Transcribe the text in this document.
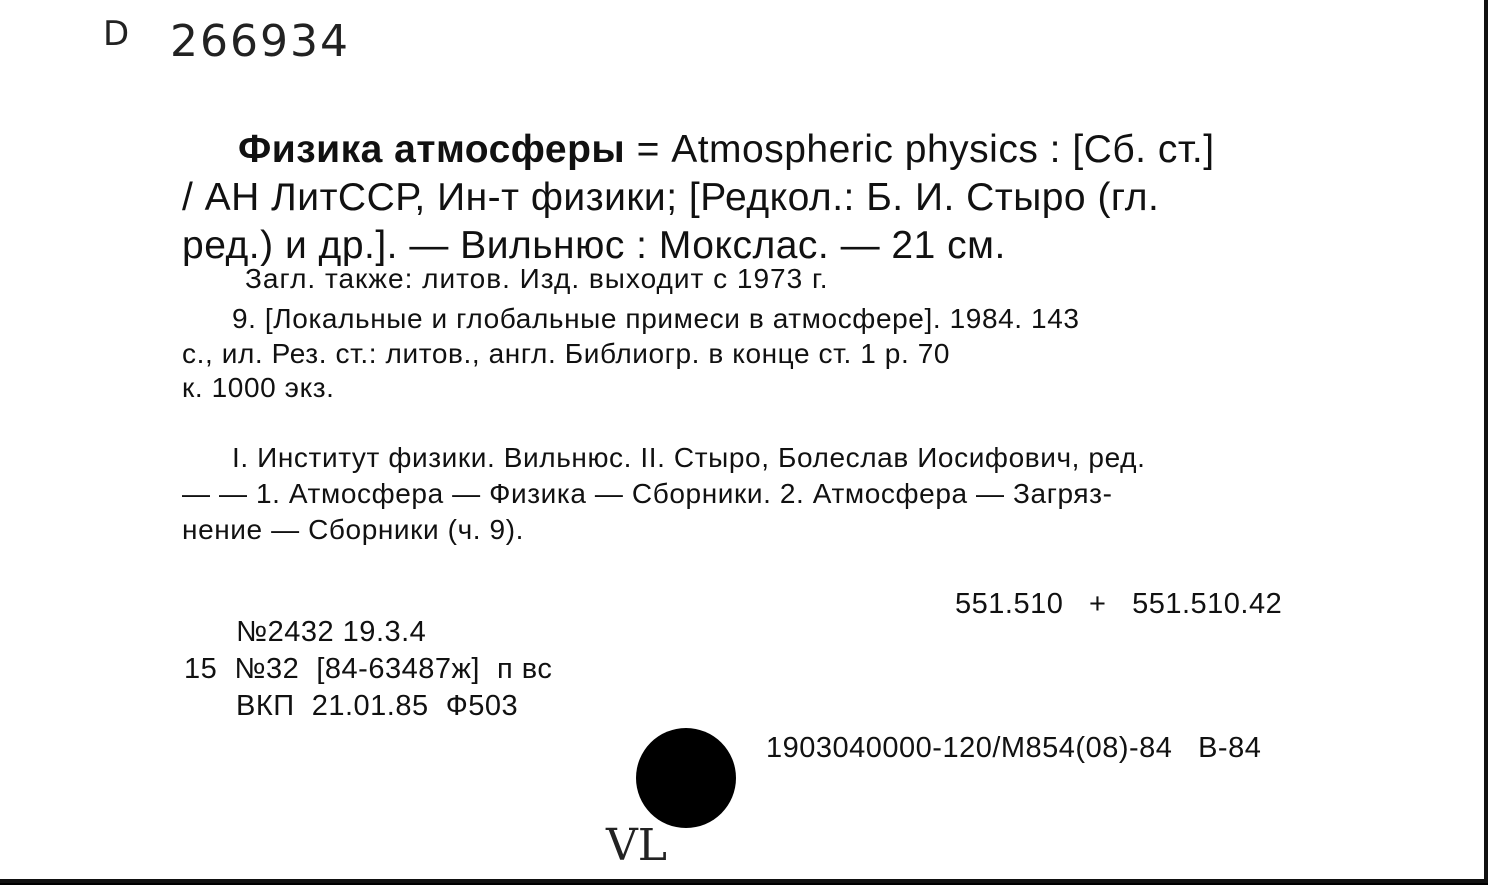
D 266934
Физика атмосферы = Atmospheric physics : [Сб. ст.]
/ АН ЛитССР, Ин-т физики; [Редкол.: Б. И. Стыро (гл.
ред.) и др.]. — Вильнюс : Мокслас. — 21 см.
Загл. также: литов. Изд. выходит с 1973 г.
9. [Локальные и глобальные примеси в атмосфере]. 1984. 143
с., ил. Рез. ст.: литов., англ. Библиогр. в конце ст. 1 р. 70
к. 1000 экз.
I. Институт физики. Вильнюс. II. Стыро, Болеслав Иосифович, ред.
— — 1. Атмосфера — Физика — Сборники. 2. Атмосфера — Загряз-
нение — Сборники (ч. 9).
551.510   +   551.510.42
№2432 19.3.4
15  №32  [84-63487ж]  п вс
ВКП  21.01.85  Ф503
1903040000-120/М854(08)-84   В-84
VL
